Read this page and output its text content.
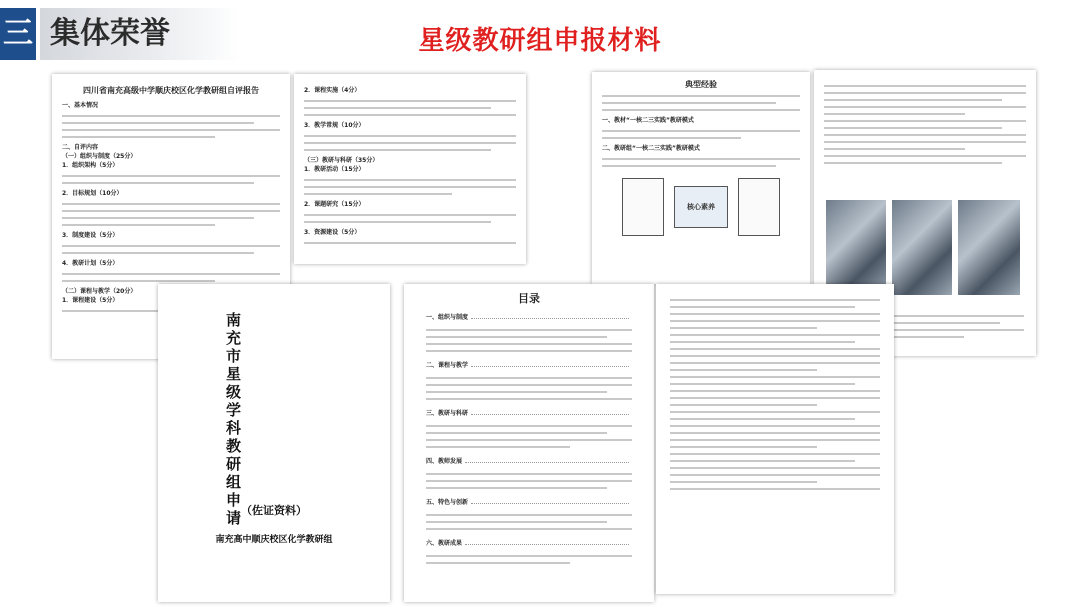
三 集体荣誉	星级教研组申报材料
四川省南充高级中学顺庆校区化学教研组自评报告

一、基本情况

二、自评内容

（一）组织与制度（25分）

1．组织架构（5分）

2．目标规划（10分）

3．制度建设（5分）

4．教研计划（5分）

（二）课程与教学（20分）

1．课程建设（5分）

2．课程实施（4分）

3．教学常规（10分）

（三）教研与科研（35分）

1．教研活动（15分）

2．课题研究（15分）

3．资源建设（5分）

典型经验

一、教材“一核二三实践”教研模式

二、教研组“一核二三实践”教研模式

核心素养
南充市星级学科教研组申请 （佐证资料）
南充高中顺庆校区化学教研组
目录
一、组织与制度
二、课程与教学
三、教研与科研
四、教师发展
五、特色与创新
六、教研成果
